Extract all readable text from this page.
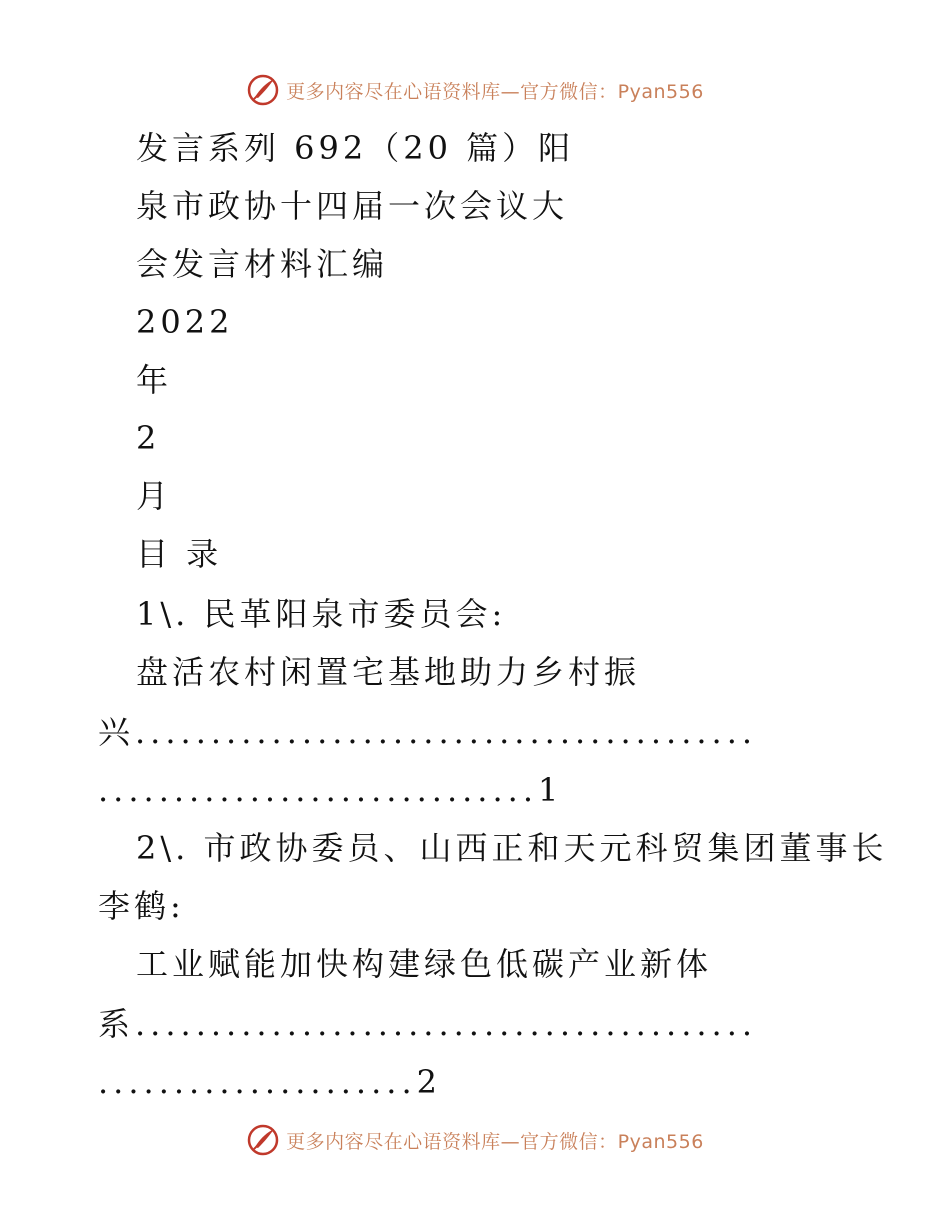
更多内容尽在心语资料库—官方微信：Pyan556
发言系列 692（20 篇）阳
泉市政协十四届一次会议大
会发言材料汇编
2022
年
2
月
目 录
1\. 民革阳泉市委员会:
盘活农村闲置宅基地助力乡村振
兴.........................................
.............................1
2\. 市政协委员、山西正和天元科贸集团董事长
李鹤:
工业赋能加快构建绿色低碳产业新体
系.........................................
.....................2
更多内容尽在心语资料库—官方微信：Pyan556
